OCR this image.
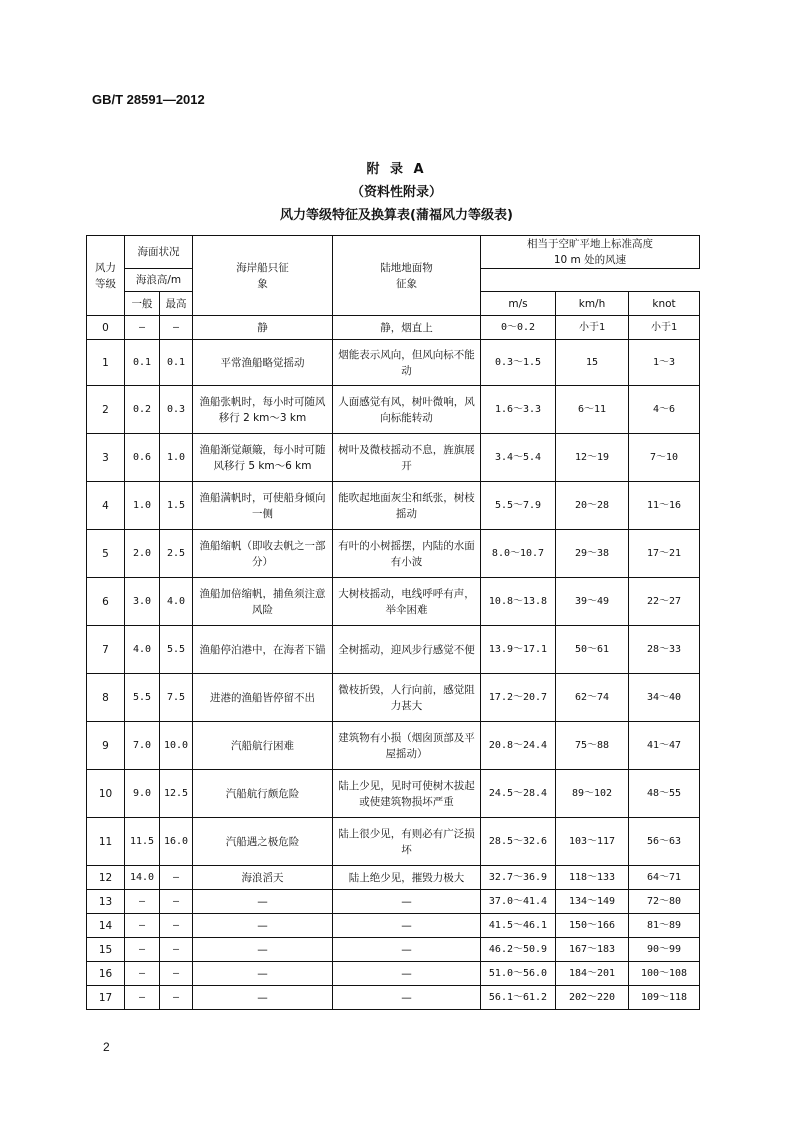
GB/T 28591—2012
附 录 A
（资料性附录）
风力等级特征及换算表(蒲福风力等级表)
风力等级	海面状况		海岸船只征象	陆地地面物征象	相当于空旷平地上标准高度 10 m 处的风速		
	海浪高/m						
	一般	最高			m/s	km/h	knot
0	—	—	静	静，烟直上	0～0.2	小于1	小于1
1	0.1	0.1	平常渔船略觉摇动	烟能表示风向，但风向标不能动	0.3～1.5	15	1～3
2	0.2	0.3	渔船张帆时，每小时可随风移行 2 km～3 km	人面感觉有风，树叶微响，风向标能转动	1.6～3.3	6～11	4～6
3	0.6	1.0	渔船渐觉颠簸，每小时可随风移行 5 km～6 km	树叶及微枝摇动不息，旌旗展开	3.4～5.4	12～19	7～10
4	1.0	1.5	渔船满帆时，可使船身倾向一侧	能吹起地面灰尘和纸张，树枝摇动	5.5～7.9	20～28	11～16
5	2.0	2.5	渔船缩帆（即收去帆之一部分）	有叶的小树摇摆，内陆的水面有小波	8.0～10.7	29～38	17～21
6	3.0	4.0	渔船加倍缩帆，捕鱼须注意风险	大树枝摇动，电线呼呼有声，举伞困难	10.8～13.8	39～49	22～27
7	4.0	5.5	渔船停泊港中，在海者下锚	全树摇动，迎风步行感觉不便	13.9～17.1	50～61	28～33
8	5.5	7.5	进港的渔船皆停留不出	微枝折毁，人行向前，感觉阻力甚大	17.2～20.7	62～74	34～40
9	7.0	10.0	汽船航行困难	建筑物有小损（烟囱顶部及平屋摇动）	20.8～24.4	75～88	41～47
10	9.0	12.5	汽船航行颇危险	陆上少见，见时可使树木拔起或使建筑物损坏严重	24.5～28.4	89～102	48～55
11	11.5	16.0	汽船遇之极危险	陆上很少见，有则必有广泛损坏	28.5～32.6	103～117	56～63
12	14.0	—	海浪滔天	陆上绝少见，摧毁力极大	32.7～36.9	118～133	64～71
13	—	—	—	—	37.0～41.4	134～149	72～80
14	—	—	—	—	41.5～46.1	150～166	81～89
15	—	—	—	—	46.2～50.9	167～183	90～99
16	—	—	—	—	51.0～56.0	184～201	100～108
17	—	—	—	—	56.1～61.2	202～220	109～118
2
